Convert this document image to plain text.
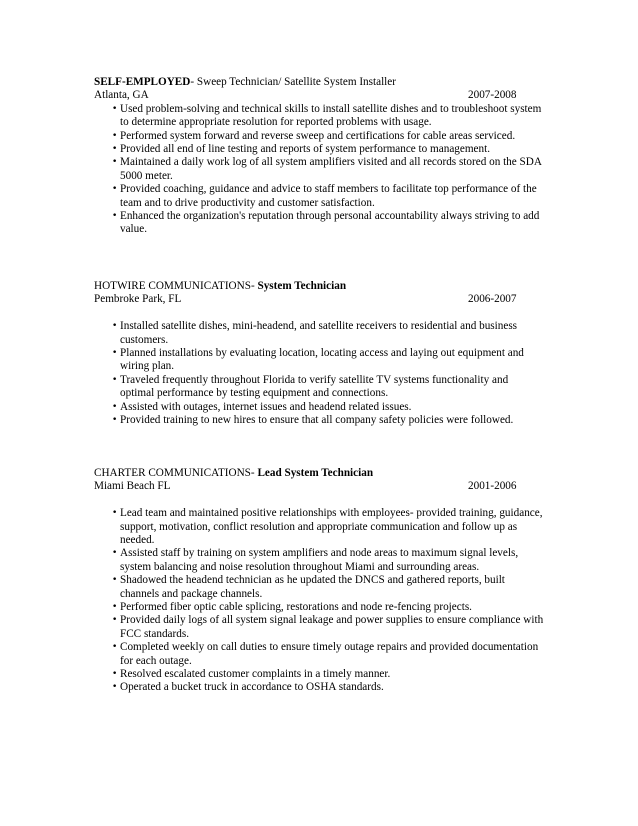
SELF-EMPLOYED- Sweep Technician/ Satellite System Installer
Atlanta, GA	2007-2008
• Used problem-solving and technical skills to install satellite dishes and to troubleshoot system to determine appropriate resolution for reported problems with usage.
• Performed system forward and reverse sweep and certifications for cable areas serviced.
• Provided all end of line testing and reports of system performance to management.
• Maintained a daily work log of all system amplifiers visited and all records stored on the SDA 5000 meter.
• Provided coaching, guidance and advice to staff members to facilitate top performance of the team and to drive productivity and customer satisfaction.
• Enhanced the organization's reputation through personal accountability always striving to add value.
HOTWIRE COMMUNICATIONS- System Technician
Pembroke Park, FL	2006-2007
• Installed satellite dishes, mini-headend, and satellite receivers to residential and business customers.
• Planned installations by evaluating location, locating access and laying out equipment and wiring plan.
• Traveled frequently throughout Florida to verify satellite TV systems functionality and optimal performance by testing equipment and connections.
• Assisted with outages, internet issues and headend related issues.
• Provided training to new hires to ensure that all company safety policies were followed.
CHARTER COMMUNICATIONS- Lead System Technician
Miami Beach FL	2001-2006
• Lead team and maintained positive relationships with employees- provided training, guidance, support, motivation, conflict resolution and appropriate communication and follow up as needed.
• Assisted staff by training on system amplifiers and node areas to maximum signal levels, system balancing and noise resolution throughout Miami and surrounding areas.
• Shadowed the headend technician as he updated the DNCS and gathered reports, built channels and package channels.
• Performed fiber optic cable splicing, restorations and node re-fencing projects.
• Provided daily logs of all system signal leakage and power supplies to ensure compliance with FCC standards.
• Completed weekly on call duties to ensure timely outage repairs and provided documentation for each outage.
• Resolved escalated customer complaints in a timely manner.
• Operated a bucket truck in accordance to OSHA standards.
